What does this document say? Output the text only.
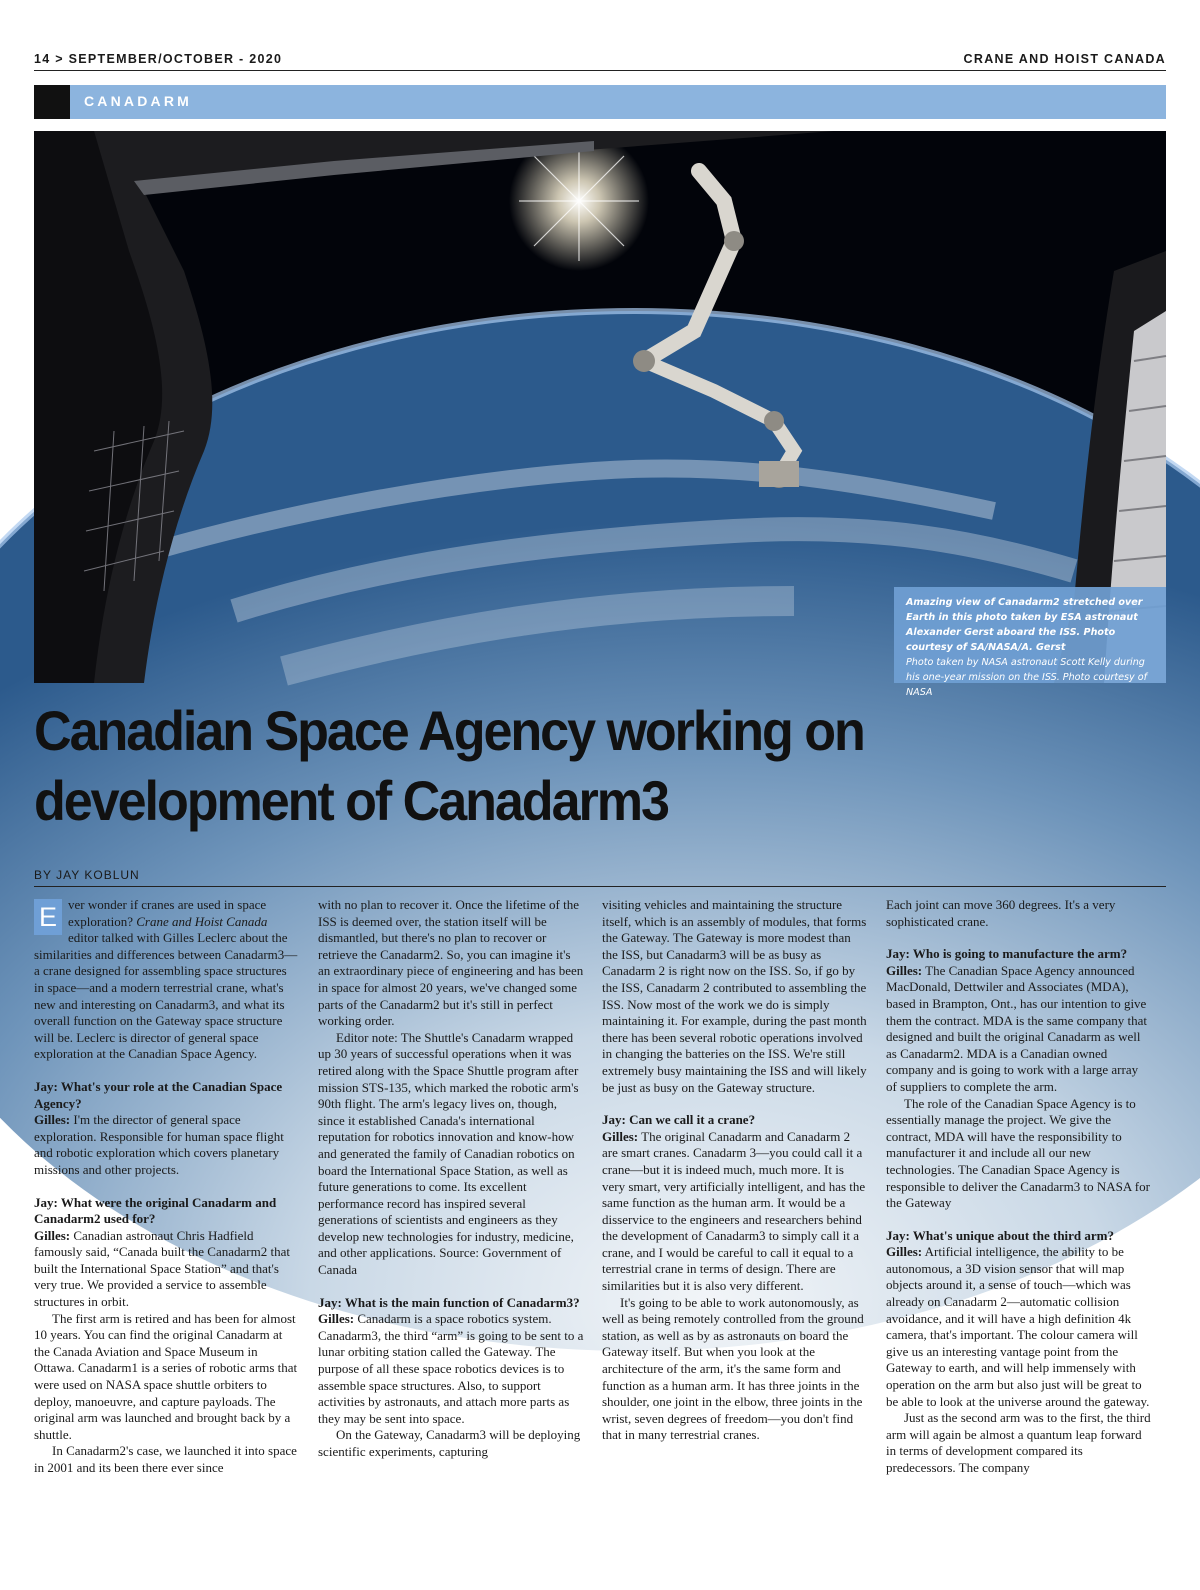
14 > SEPTEMBER/OCTOBER - 2020	CRANE AND HOIST CANADA
CANADARM
Amazing view of Canadarm2 stretched over Earth in this photo taken by ESA astronaut Alexander Gerst aboard the ISS. Photo courtesy of SA/NASA/A. Gerst
Photo taken by NASA astronaut Scott Kelly during his one-year mission on the ISS. Photo courtesy of NASA
Canadian Space Agency working on development of Canadarm3
BY JAY KOBLUN

E ver wonder if cranes are used in space exploration? Crane and Hoist Canada editor talked with Gilles Leclerc about the similarities and differences between Canadarm3—a crane designed for assembling space structures in space—and a modern terrestrial crane, what's new and interesting on Canadarm3, and what its overall function on the Gateway space structure will be. Leclerc is director of general space exploration at the Canadian Space Agency.

Jay: What's your role at the Canadian Space Agency?

Gilles: I'm the director of general space exploration. Responsible for human space flight and robotic exploration which covers planetary missions and other projects.

Jay: What were the original Canadarm and Canadarm2 used for?

Gilles: Canadian astronaut Chris Hadfield famously said, “Canada built the Canadarm2 that built the International Space Station” and that's very true. We provided a service to assemble structures in orbit.

The first arm is retired and has been for almost 10 years. You can find the original Canadarm at the Canada Aviation and Space Museum in Ottawa. Canadarm1 is a series of robotic arms that were used on NASA space shuttle orbiters to deploy, manoeuvre, and capture payloads. The original arm was launched and brought back by a shuttle.

In Canadarm2's case, we launched it into space in 2001 and its been there ever since

with no plan to recover it. Once the lifetime of the ISS is deemed over, the station itself will be dismantled, but there's no plan to recover or retrieve the Canadarm2. So, you can imagine it's an extraordinary piece of engineering and has been in space for almost 20 years, we've changed some parts of the Canadarm2 but it's still in perfect working order.

Editor note: The Shuttle's Canadarm wrapped up 30 years of successful operations when it was retired along with the Space Shuttle program after mission STS-135, which marked the robotic arm's 90th flight. The arm's legacy lives on, though, since it established Canada's international reputation for robotics innovation and know-how and generated the family of Canadian robotics on board the International Space Station, as well as future generations to come. Its excellent performance record has inspired several generations of scientists and engineers as they develop new technologies for industry, medicine, and other applications. Source: Government of Canada

Jay: What is the main function of Canadarm3?

Gilles: Canadarm is a space robotics system. Canadarm3, the third “arm” is going to be sent to a lunar orbiting station called the Gateway. The purpose of all these space robotics devices is to assemble space structures. Also, to support activities by astronauts, and attach more parts as they may be sent into space.

On the Gateway, Canadarm3 will be deploying scientific experiments, capturing

visiting vehicles and maintaining the structure itself, which is an assembly of modules, that forms the Gateway. The Gateway is more modest than the ISS, but Canadarm3 will be as busy as Canadarm 2 is right now on the ISS. So, if go by the ISS, Canadarm 2 contributed to assembling the ISS. Now most of the work we do is simply maintaining it. For example, during the past month there has been several robotic operations involved in changing the batteries on the ISS. We're still extremely busy maintaining the ISS and will likely be just as busy on the Gateway structure.

Jay: Can we call it a crane?

Gilles: The original Canadarm and Canadarm 2 are smart cranes. Canadarm 3—you could call it a crane—but it is indeed much, much more. It is very smart, very artificially intelligent, and has the same function as the human arm. It would be a disservice to the engineers and researchers behind the development of Canadarm3 to simply call it a crane, and I would be careful to call it equal to a terrestrial crane in terms of design. There are similarities but it is also very different.

It's going to be able to work autonomously, as well as being remotely controlled from the ground station, as well as by as astronauts on board the Gateway itself. But when you look at the architecture of the arm, it's the same form and function as a human arm. It has three joints in the shoulder, one joint in the elbow, three joints in the wrist, seven degrees of freedom—you don't find that in many terrestrial cranes.

Each joint can move 360 degrees. It's a very sophisticated crane.

Jay: Who is going to manufacture the arm?

Gilles: The Canadian Space Agency announced MacDonald, Dettwiler and Associates (MDA), based in Brampton, Ont., has our intention to give them the contract. MDA is the same company that designed and built the original Canadarm as well as Canadarm2. MDA is a Canadian owned company and is going to work with a large array of suppliers to complete the arm.

The role of the Canadian Space Agency is to essentially manage the project. We give the contract, MDA will have the responsibility to manufacturer it and include all our new technologies. The Canadian Space Agency is responsible to deliver the Canadarm3 to NASA for the Gateway

Jay: What's unique about the third arm?

Gilles: Artificial intelligence, the ability to be autonomous, a 3D vision sensor that will map objects around it, a sense of touch—which was already on Canadarm 2—automatic collision avoidance, and it will have a high definition 4k camera, that's important. The colour camera will give us an interesting vantage point from the Gateway to earth, and will help immensely with operation on the arm but also just will be great to be able to look at the universe around the gateway.

Just as the second arm was to the first, the third arm will again be almost a quantum leap forward in terms of development compared its predecessors. The company
